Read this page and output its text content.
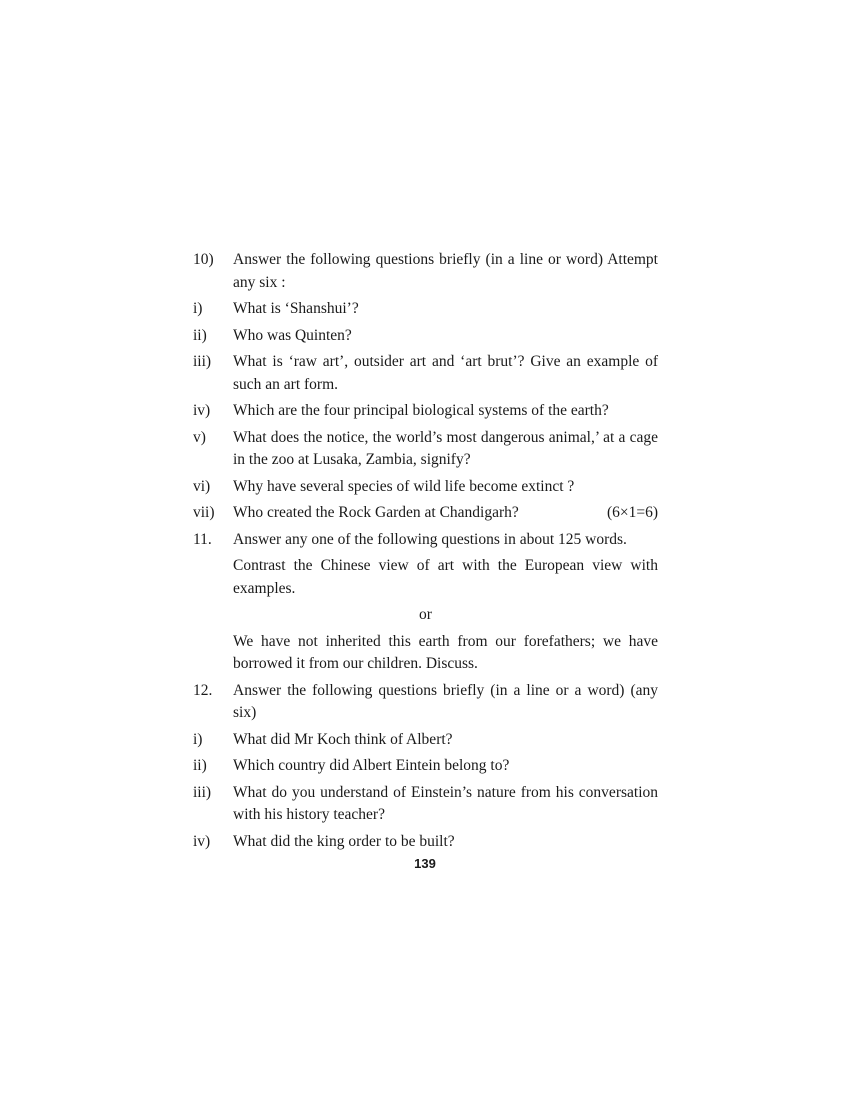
10)	Answer the following questions briefly (in a line or word) Attempt any six :
i)	What is ‘Shanshui’?
ii)	Who was Quinten?
iii)	What is ‘raw art’, outsider art and ‘art brut’? Give an example of such an art form.
iv)	Which are the four principal biological systems of the earth?
v)	What does the notice, the world’s most dangerous animal,’ at a cage in the zoo at Lusaka, Zambia, signify?
vi)	Why have several species of wild life become extinct ?
vii)	Who created the Rock Garden at Chandigarh?	(6×1=6)
11.	Answer any one of the following questions in about 125 words.
Contrast the Chinese view of art with the European view with examples.
or
We have not inherited this earth from our forefathers; we have borrowed it from our children. Discuss.
12.	Answer the following questions briefly (in a line or a word) (any six)
i)	What did Mr Koch think of Albert?
ii)	Which country did Albert Eintein belong to?
iii)	What do you understand of Einstein’s nature from his conversation with his history teacher?
iv)	What did the king order to be built?
139
